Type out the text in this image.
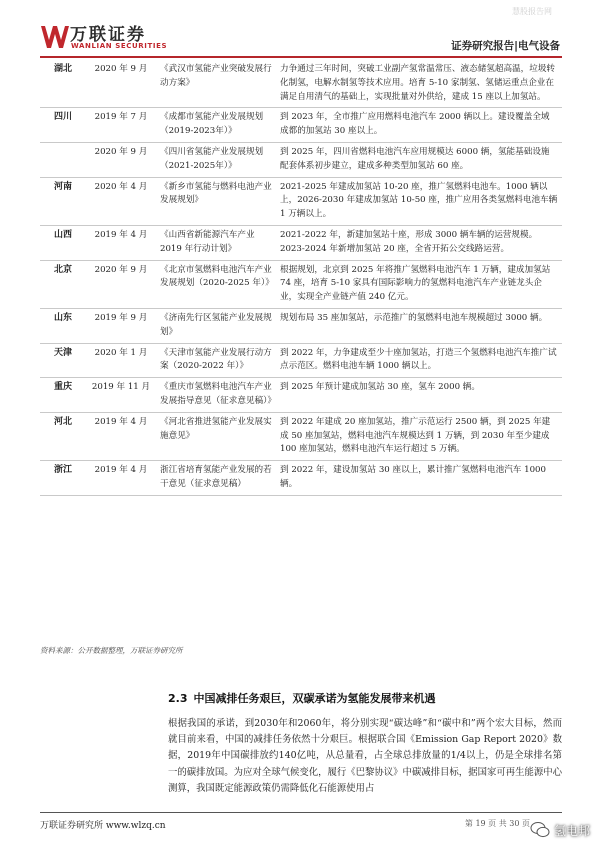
慧股报告网
万联证券
WANLIAN SECURITIES	证券研究报告|电气设备
湖北	2020 年 9 月	《武汉市氢能产业突破发展行动方案》	力争通过三年时间，突破工业副产氢常温常压、液态储氢超高温，垃圾转化制氢，电解水制氢等技术应用。培育 5-10 家制氢、氢储运重点企业在满足自用清气的基础上，实现批量对外供给，建成 15 座以上加氢站。
四川	2019 年 7 月	《成都市氢能产业发展规划（2019-2023年）》	到 2023 年，全市推广应用燃料电池汽车 2000 辆以上。建设覆盖全域成都的加氢站 30 座以上。
	2020 年 9 月	《四川省氢能产业发展规划（2021-2025年）》	到 2025 年，四川省燃料电池汽车应用规模达 6000 辆，氢能基础设施配套体系初步建立，建成多种类型加氢站 60 座。
河南	2020 年 4 月	《新乡市氢能与燃料电池产业发展规划》	2021-2025 年建成加氢站 10-20 座，推广氢燃料电池车。1000 辆以上，2026-2030 年建成加氢站 10-50 座，推广应用各类氢燃料电池车辆 1 万辆以上。
山西	2019 年 4 月	《山西省新能源汽车产业 2019 年行动计划》	2021-2022 年，新建加氢站十座，形成 3000 辆车辆的运营规模。2023-2024 年新增加氢站 20 座，全省开拓公交线路运营。
北京	2020 年 9 月	《北京市氢燃料电池汽车产业发展规划（2020-2025 年）》	根据规划，北京到 2025 年将推广氢燃料电池汽车 1 万辆，建成加氢站 74 座，培育 5-10 家具有国际影响力的氢燃料电池汽车产业链龙头企业，实现全产业链产值 240 亿元。
山东	2019 年 9 月	《济南先行区氢能产业发展规划》	规划布局 35 座加氢站，示范推广的氢燃料电池车规模超过 3000 辆。
天津	2020 年 1 月	《天津市氢能产业发展行动方案（2020-2022 年）》	到 2022 年，力争建成至少十座加氢站，打造三个氢燃料电池汽车推广试点示范区。燃料电池车辆 1000 辆以上。
重庆	2019 年 11 月	《重庆市氢燃料电池汽车产业发展指导意见（征求意见稿）》	到 2025 年预计建成加氢站 30 座，氢车 2000 辆。
河北	2019 年 4 月	《河北省推进氢能产业发展实施意见》	到 2022 年建成 20 座加氢站，推广示范运行 2500 辆，到 2025 年建成 50 座加氢站，燃料电池汽车规模达到 1 万辆，到 2030 年至少建成 100 座加氢站，燃料电池汽车运行超过 5 万辆。
浙江	2019 年 4 月	浙江省培育氢能产业发展的若干意见（征求意见稿）	到 2022 年，建设加氢站 30 座以上，累计推广氢燃料电池汽车 1000 辆。
资料来源：公开数据整理，万联证券研究所
2.3 中国减排任务艰巨，双碳承诺为氢能发展带来机遇
根据我国的承诺，到2030年和2060年，将分别实现“碳达峰”和“碳中和”两个宏大目标，然而就目前来看，中国的减排任务依然十分艰巨。根据联合国《Emission Gap Report 2020》数据，2019年中国碳排放约140亿吨，从总量看，占全球总排放量的1/4以上，仍是全球排名第一的碳排放国。为应对全球气候变化，履行《巴黎协议》中碳减排目标，据国家可再生能源中心测算，我国既定能源政策仍需降低化石能源使用占
万联证券研究所 www.wlzq.cn	第 19 页 共 30 页 氢电邦
